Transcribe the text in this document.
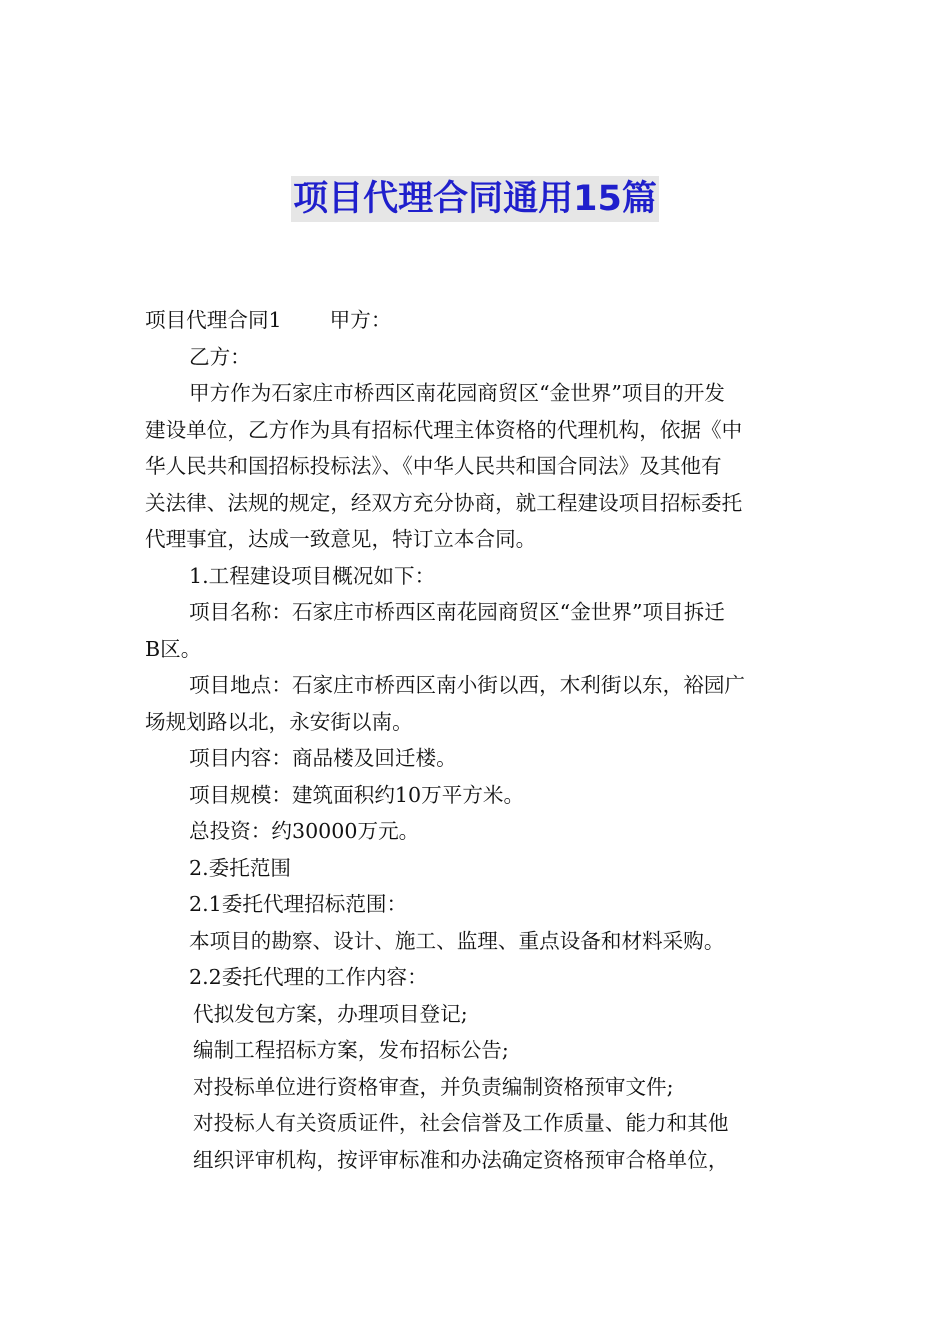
项目代理合同通用15篇
项目代理合同1 甲方：
乙方：
甲方作为石家庄市桥西区南花园商贸区“金世界”项目的开发
建设单位，乙方作为具有招标代理主体资格的代理机构，依据《中
华人民共和国招标投标法》、《中华人民共和国合同法》及其他有
关法律、法规的规定，经双方充分协商，就工程建设项目招标委托
代理事宜，达成一致意见，特订立本合同。
1.工程建设项目概况如下：
项目名称：石家庄市桥西区南花园商贸区“金世界”项目拆迁
B区。
项目地点：石家庄市桥西区南小街以西，木利街以东，裕园广
场规划路以北，永安街以南。
项目内容：商品楼及回迁楼。
项目规模：建筑面积约10万平方米。
总投资：约30000万元。
2.委托范围
2.1委托代理招标范围：
本项目的勘察、设计、施工、监理、重点设备和材料采购。
2.2委托代理的工作内容：
代拟发包方案，办理项目登记;
编制工程招标方案，发布招标公告;
对投标单位进行资格审查，并负责编制资格预审文件;
对投标人有关资质证件，社会信誉及工作质量、能力和其他
组织评审机构，按评审标准和办法确定资格预审合格单位，
